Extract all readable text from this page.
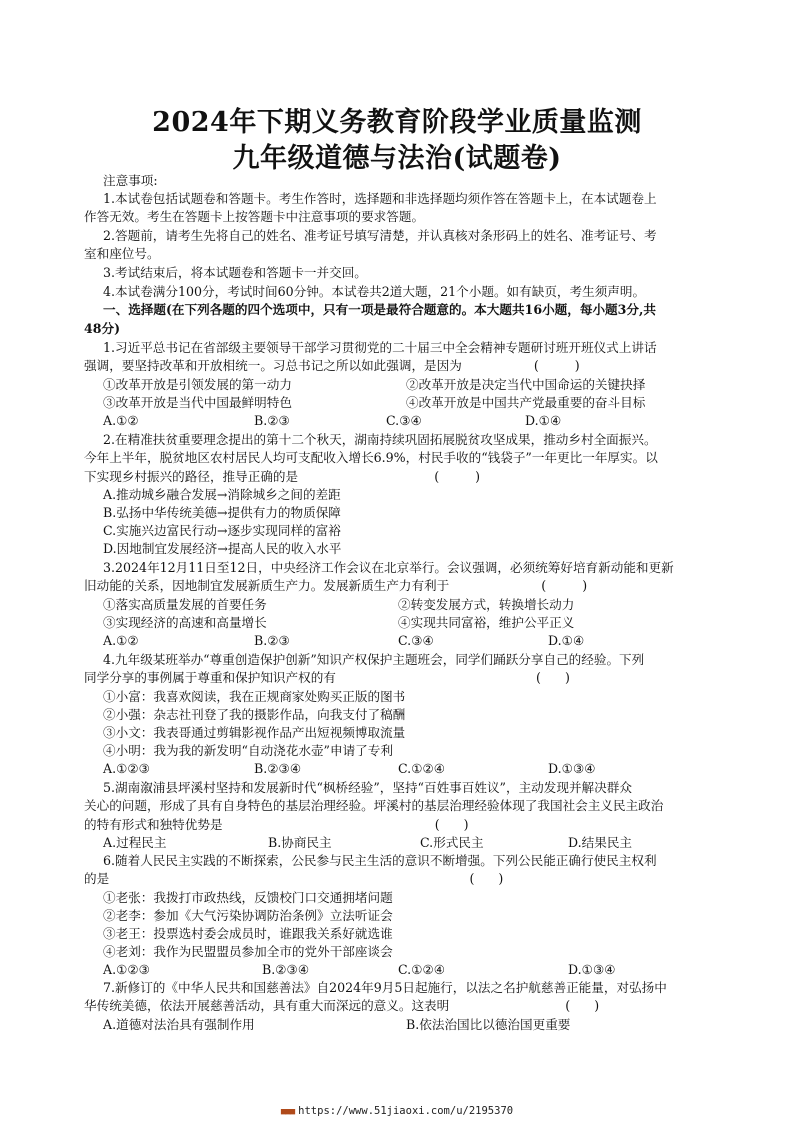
2024年下期义务教育阶段学业质量监测
九年级道德与法治(试题卷)
注意事项:
1.本试卷包括试题卷和答题卡。考生作答时，选择题和非选择题均须作答在答题卡上，在本试题卷上
作答无效。考生在答题卡上按答题卡中注意事项的要求答题。
2.答题前，请考生先将自己的姓名、准考证号填写清楚，并认真核对条形码上的姓名、准考证号、考
室和座位号。
3.考试结束后，将本试题卷和答题卡一并交回。
4.本试卷满分100分，考试时间60分钟。本试卷共2道大题，21个小题。如有缺页，考生须声明。
一、选择题(在下列各题的四个选项中，只有一项是最符合题意的。本大题共16小题，每小题3分,共
48分)
1.习近平总书记在省部级主要领导干部学习贯彻党的二十届三中全会精神专题研讨班开班仪式上讲话
强调，要坚持改革和开放相统一。习总书记之所以如此强调，是因为                  (         )
①改革开放是引领发展的第一动力	②改革开放是决定当代中国命运的关键抉择
③改革开放是当代中国最鲜明特色	④改革开放是中国共产党最重要的奋斗目标
A.①②	B.②③	C.③④	D.①④
2.在精准扶贫重要理念提出的第十二个秋天，湖南持续巩固拓展脱贫攻坚成果，推动乡村全面振兴。
今年上半年，脱贫地区农村居民人均可支配收入增长6.9%，村民手收的“钱袋子”一年更比一年厚实。以
下实现乡村振兴的路径，推导正确的是                                  (         )
A.推动城乡融合发展→消除城乡之间的差距
B.弘扬中华传统美德→提供有力的物质保障
C.实施兴边富民行动→逐步实现同样的富裕
D.因地制宜发展经济→提高人民的收入水平
3.2024年12月11日至12日，中央经济工作会议在北京举行。会议强调，必须统筹好培育新动能和更新
旧动能的关系，因地制宜发展新质生产力。发展新质生产力有利于                       (         )
①落实高质量发展的首要任务	②转变发展方式，转换增长动力
③实现经济的高速和高量增长	④实现共同富裕，维护公平正义
A.①②	B.②③	C.③④	D.①④
4.九年级某班举办“尊重创造保护创新”知识产权保护主题班会，同学们踊跃分享自己的经验。下列
同学分享的事例属于尊重和保护知识产权的有                                                  (      )
①小富：我喜欢阅读，我在正规商家处购买正版的图书
②小强：杂志社刊登了我的摄影作品，向我支付了稿酬
③小文：我表哥通过剪辑影视作品产出短视频博取流量
④小明：我为我的新发明“自动浇花水壶”申请了专利
A.①②③	B.②③④	C.①②④	D.①③④
5.湖南溆浦县坪溪村坚持和发展新时代“枫桥经验”，坚持“百姓事百姓议”，主动发现并解决群众
关心的问题，形成了具有自身特色的基层治理经验。坪溪村的基层治理经验体现了我国社会主义民主政治
的特有形式和独特优势是                                                     (      )
A.过程民主	B.协商民主	C.形式民主	D.结果民主
6.随着人民民主实践的不断探索，公民参与民主生活的意识不断增强。下列公民能正确行使民主权利
的是                                                                                          (      )
①老张：我拨打市政热线，反馈校门口交通拥堵问题
②老李：参加《大气污染协调防治条例》立法听证会
③老王：投票选村委会成员时，谁跟我关系好就选谁
④老刘：我作为民盟盟员参加全市的党外干部座谈会
A.①②③	B.②③④	C.①②④	D.①③④
7.新修订的《中华人民共和国慈善法》自2024年9月5日起施行，以法之名护航慈善正能量，对弘扬中
华传统美德，依法开展慈善活动，具有重大而深远的意义。这表明                             (      )
A.道德对法治具有强制作用	B.依法治国比以德治国更重要
■■■ https://www.51jiaoxi.com/u/2195370
